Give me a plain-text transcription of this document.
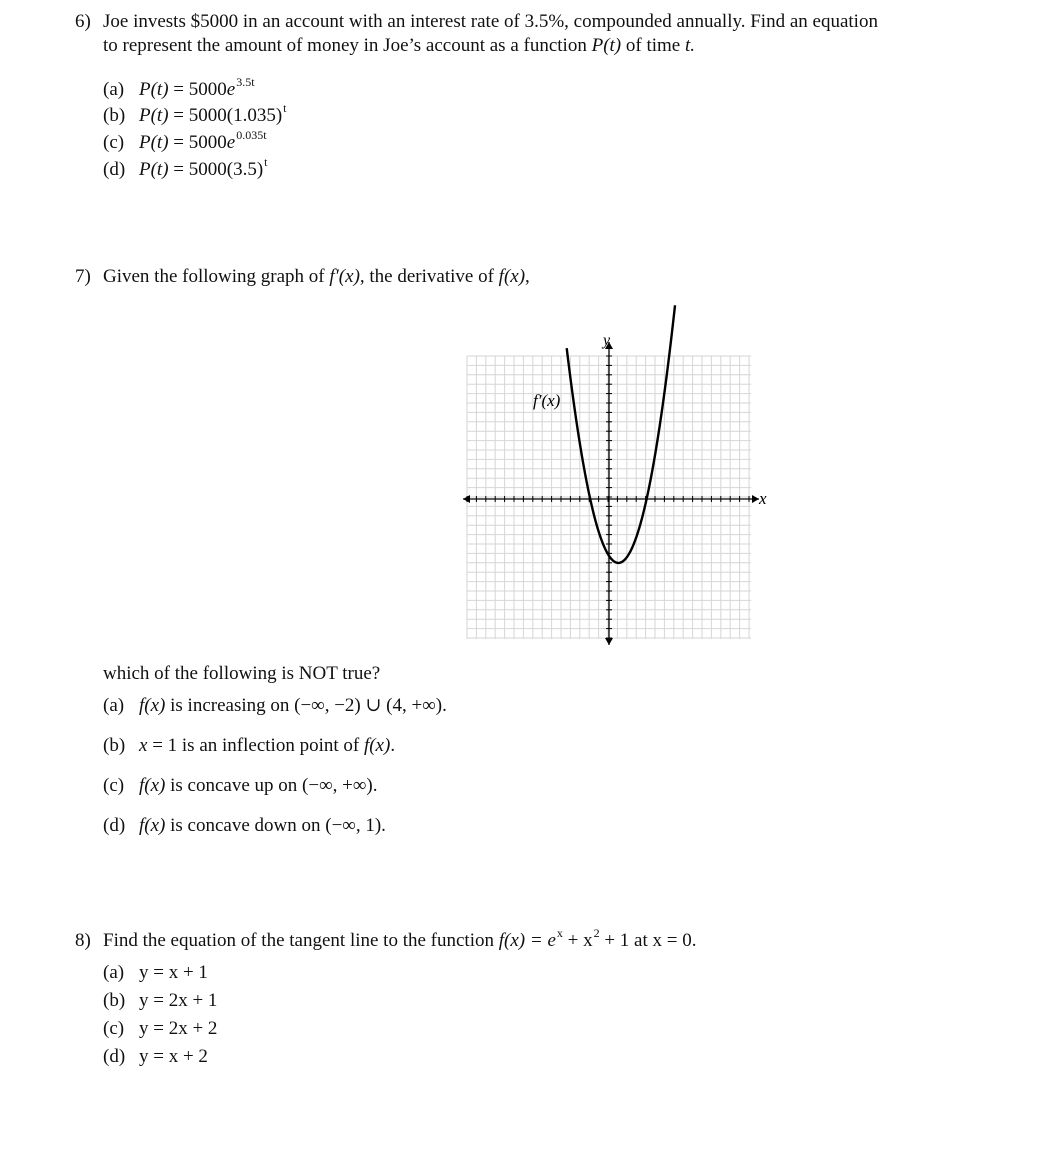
6) Joe invests $5000 in an account with an interest rate of 3.5%, compounded annually. Find an equation
to represent the amount of money in Joe’s account as a function P(t) of time t.
(a) $P(t) = 5000e^{3.5t}$
(b) $P(t) = 5000(1.035)^t$
(c) $P(t) = 5000e^{0.035t}$
(d) $P(t) = 5000(3.5)^t$
7) Given the following graph of f′(x), the derivative of f(x),
f′(x)
x
y
which of the following is NOT true?
(a) f(x) is increasing on (−∞, −2) ∪ (4, +∞).
(b) x = 1 is an inflection point of f(x).
(c) f(x) is concave up on (−∞, +∞).
(d) f(x) is concave down on (−∞, 1).
8) Find the equation of the tangent line to the function $f(x) = e^x + x^2 + 1$ at x = 0.
(a) y = x + 1
(b) y = 2x + 1
(c) y = 2x + 2
(d) y = x + 2
